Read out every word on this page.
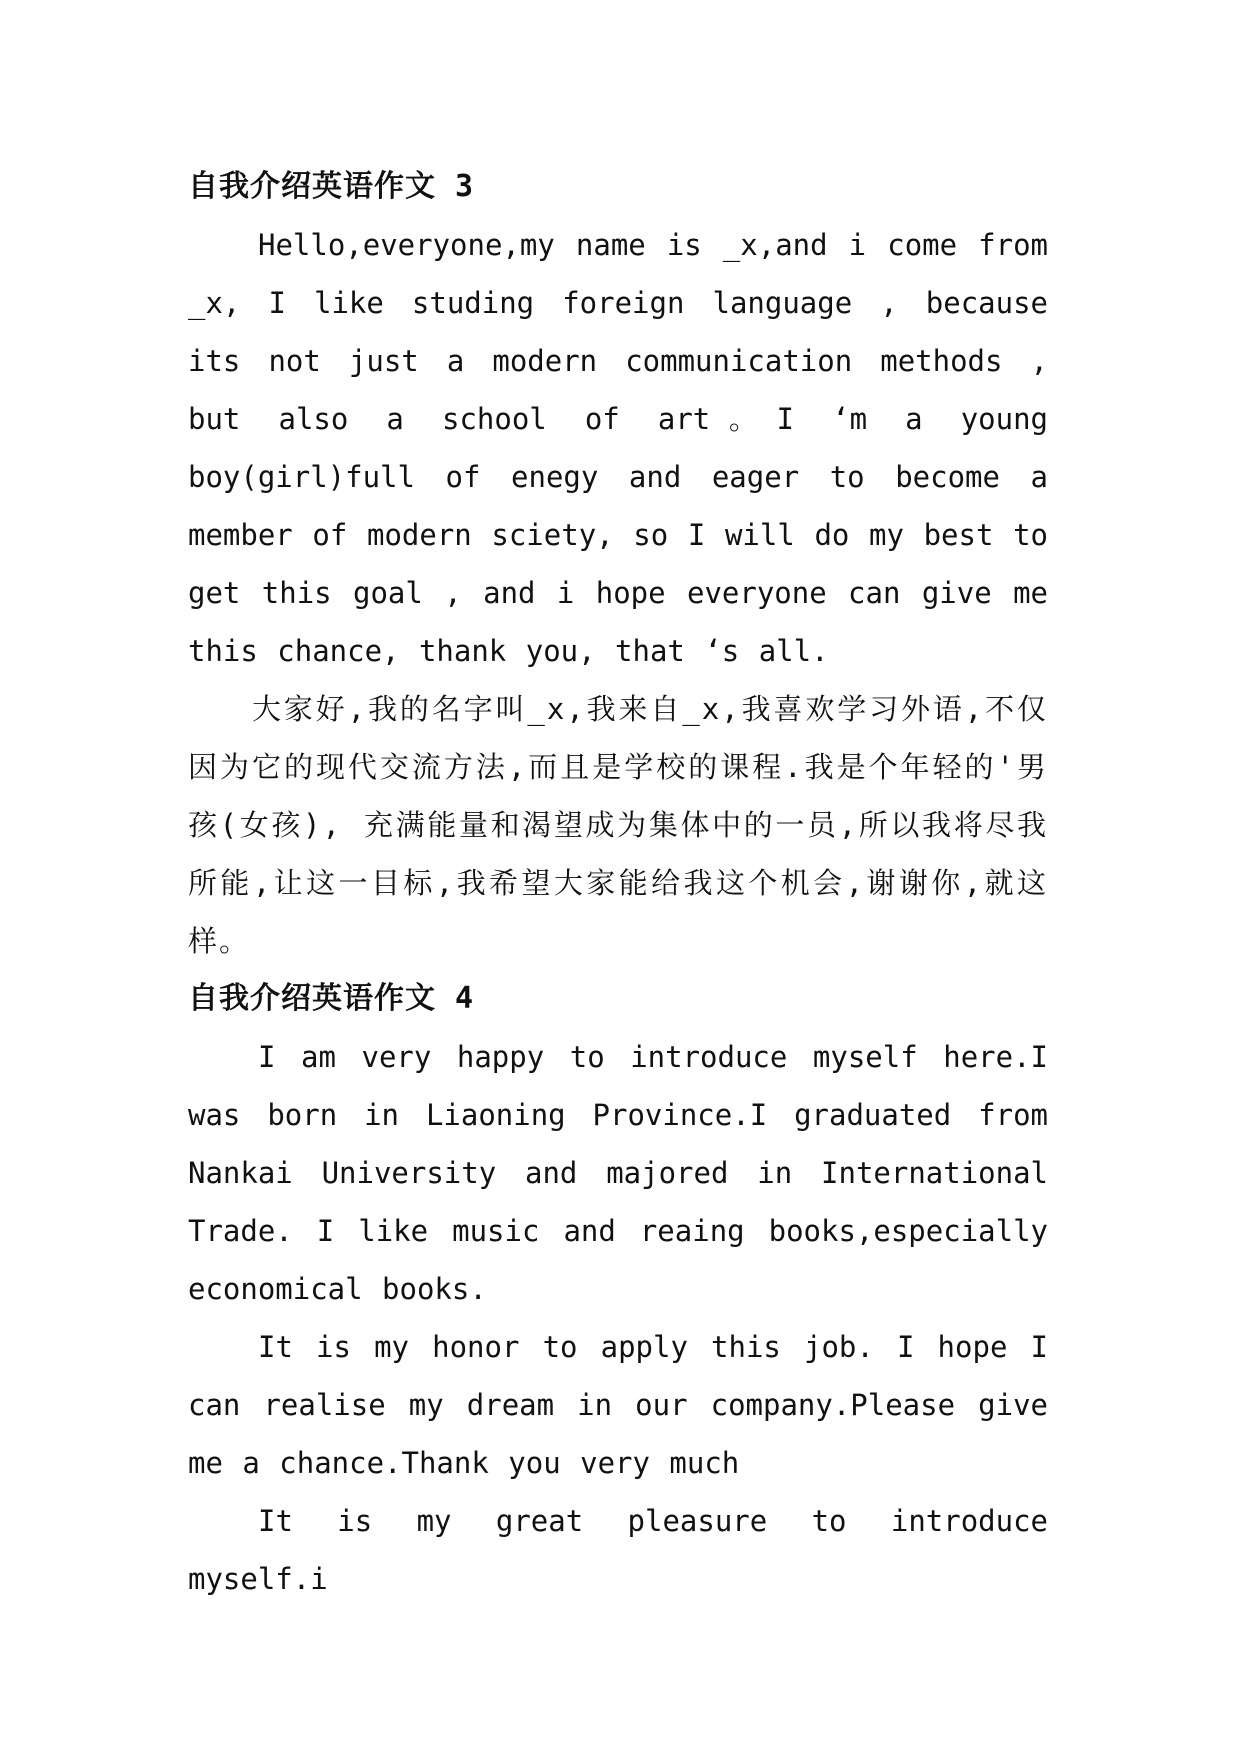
自我介绍英语作文 3

Hello,everyone,my name is _x,and i come from _x, I like studing foreign language , because its not just a modern communication methods , but also a school of art。I ‘m a young boy(girl)full of enegy and eager to become a member of modern sciety, so I will do my best to get this goal , and i hope everyone can give me this chance, thank you, that ‘s all.

大家好,我的名字叫_x,我来自_x,我喜欢学习外语,不仅因为它的现代交流方法,而且是学校的课程.我是个年轻的'男孩(女孩), 充满能量和渴望成为集体中的一员,所以我将尽我所能,让这一目标,我希望大家能给我这个机会,谢谢你,就这样。

自我介绍英语作文 4

I am very happy to introduce myself here.I was born in Liaoning Province.I graduated from Nankai University and majored in International Trade. I like music and reaing books,especially economical books.

It is my honor to apply this job. I hope I can realise my dream in our company.Please give me a chance.Thank you very much

It is my great pleasure to introduce myself.i
